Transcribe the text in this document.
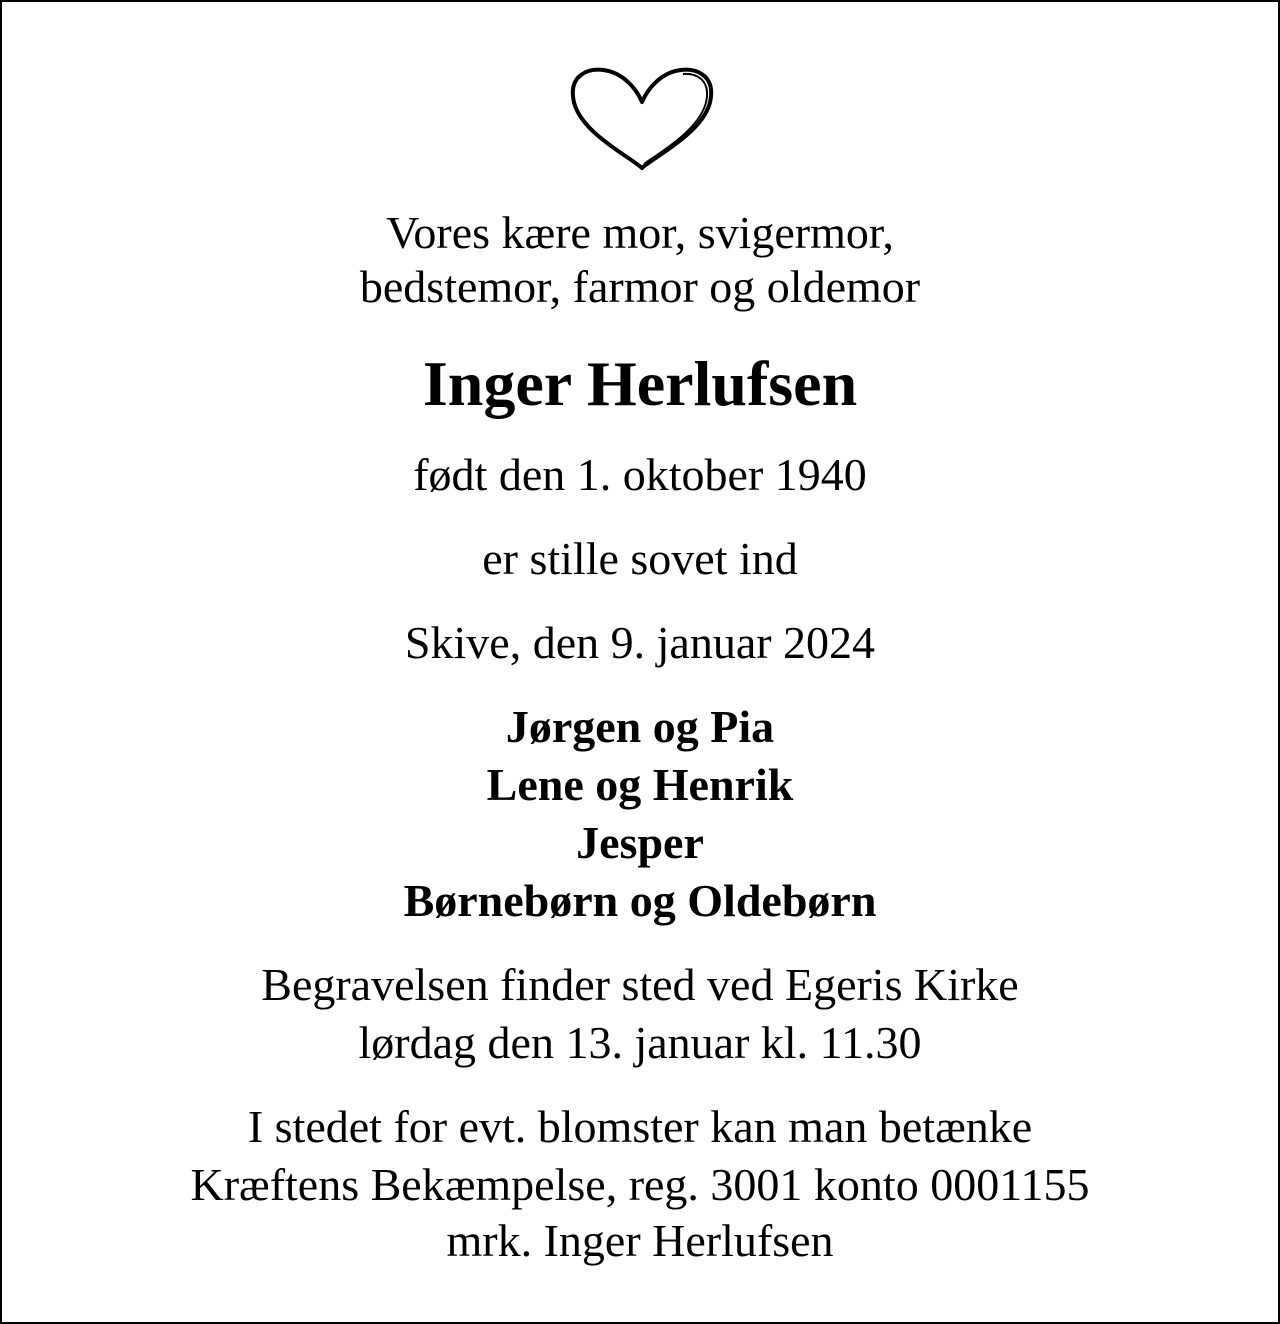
Vores kære mor, svigermor,
bedstemor, farmor og oldemor
Inger Herlufsen
født den 1. oktober 1940
er stille sovet ind
Skive, den 9. januar 2024
Jørgen og Pia
Lene og Henrik
Jesper
Børnebørn og Oldebørn
Begravelsen finder sted ved Egeris Kirke
lørdag den 13. januar kl. 11.30
I stedet for evt. blomster kan man betænke
Kræftens Bekæmpelse, reg. 3001 konto 0001155
mrk. Inger Herlufsen
